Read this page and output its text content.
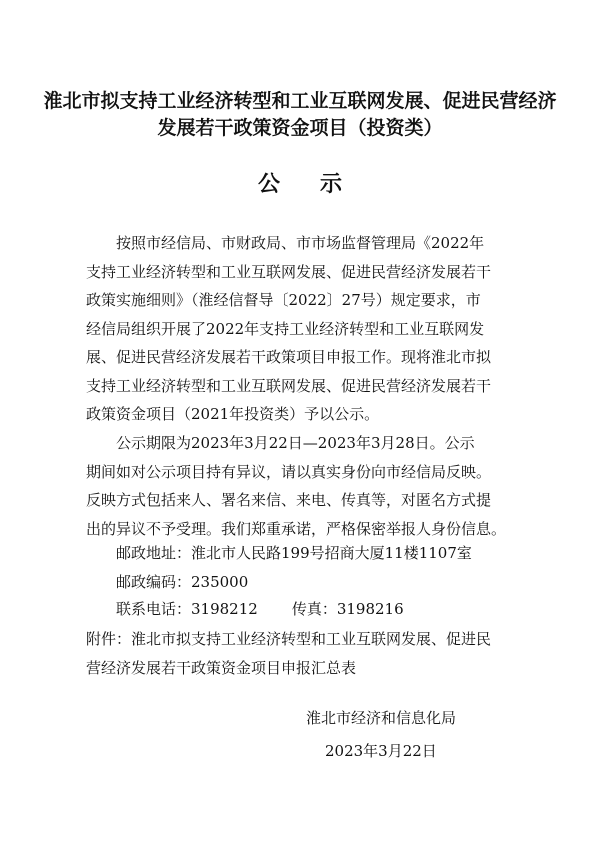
淮北市拟支持工业经济转型和工业互联网发展、促进民营经济
发展若干政策资金项目（投资类）
公示
按照市经信局、市财政局、市市场监督管理局《2022年
支持工业经济转型和工业互联网发展、促进民营经济发展若干
政策实施细则》（淮经信督导〔2022〕27号）规定要求，市
经信局组织开展了2022年支持工业经济转型和工业互联网发
展、促进民营经济发展若干政策项目申报工作。现将淮北市拟
支持工业经济转型和工业互联网发展、促进民营经济发展若干
政策资金项目（2021年投资类）予以公示。
公示期限为2023年3月22日—2023年3月28日。公示
期间如对公示项目持有异议，请以真实身份向市经信局反映。
反映方式包括来人、署名来信、来电、传真等，对匿名方式提
出的异议不予受理。我们郑重承诺，严格保密举报人身份信息。
邮政地址：淮北市人民路199号招商大厦11楼1107室
邮政编码：235000
联系电话：3198212 传真：3198216
附件：淮北市拟支持工业经济转型和工业互联网发展、促进民
营经济发展若干政策资金项目申报汇总表
淮北市经济和信息化局
2023年3月22日
